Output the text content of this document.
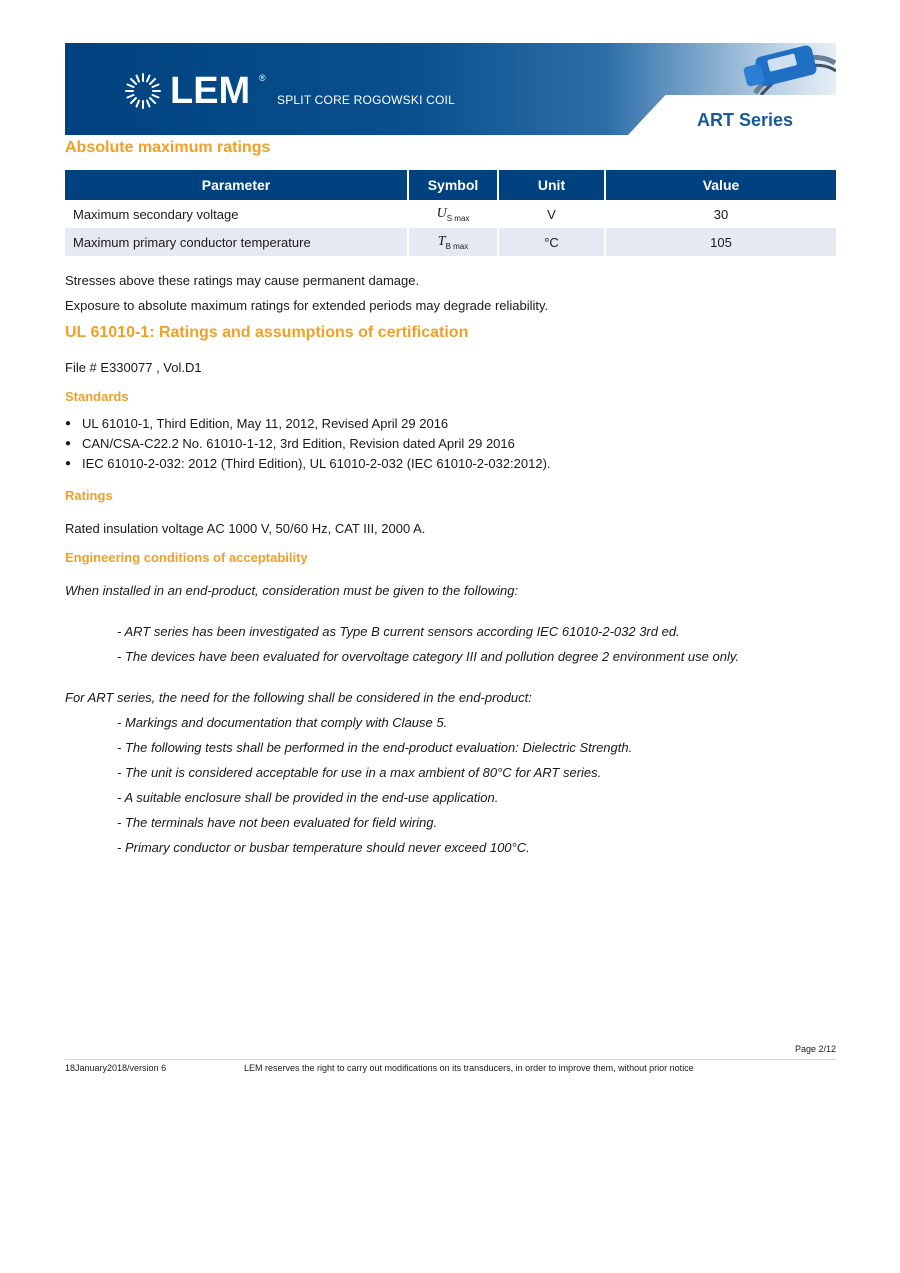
LEM ®
SPLIT CORE ROGOWSKI COIL
ART Series
Absolute maximum ratings
Parameter	Symbol	Unit	Value
Maximum secondary voltage	$U_{S max}$	V	30
Maximum primary conductor temperature	$T_{B max}$	°C	105

Stresses above these ratings may cause permanent damage.

Exposure to absolute maximum ratings for extended periods may degrade reliability.

UL 61010-1: Ratings and assumptions of certification

File # E330077 , Vol.D1

Standards
● UL 61010-1, Third Edition, May 11, 2012, Revised April 29 2016
● CAN/CSA-C22.2 No. 61010-1-12, 3rd Edition, Revision dated April 29 2016
● IEC 61010-2-032: 2012 (Third Edition), UL 61010-2-032 (IEC 61010-2-032:2012).
Ratings

Rated insulation voltage AC 1000 V, 50/60 Hz, CAT III, 2000 A.

Engineering conditions of acceptability

When installed in an end-product, consideration must be given to the following:

- ART series has been investigated as Type B current sensors according IEC 61010-2-032 3rd ed.

- The devices have been evaluated for overvoltage category III and pollution degree 2 environment use only.

For ART series, the need for the following shall be considered in the end-product:

- Markings and documentation that comply with Clause 5.

- The following tests shall be performed in the end-product evaluation: Dielectric Strength.

- The unit is considered acceptable for use in a max ambient of 80°C for ART series.

- A suitable enclosure shall be provided in the end-use application.

- The terminals have not been evaluated for field wiring.

- Primary conductor or busbar temperature should never exceed 100°C.

Page 2/12
18January2018/version 6	LEM reserves the right to carry out modifications on its transducers, in order to improve them, without prior notice
